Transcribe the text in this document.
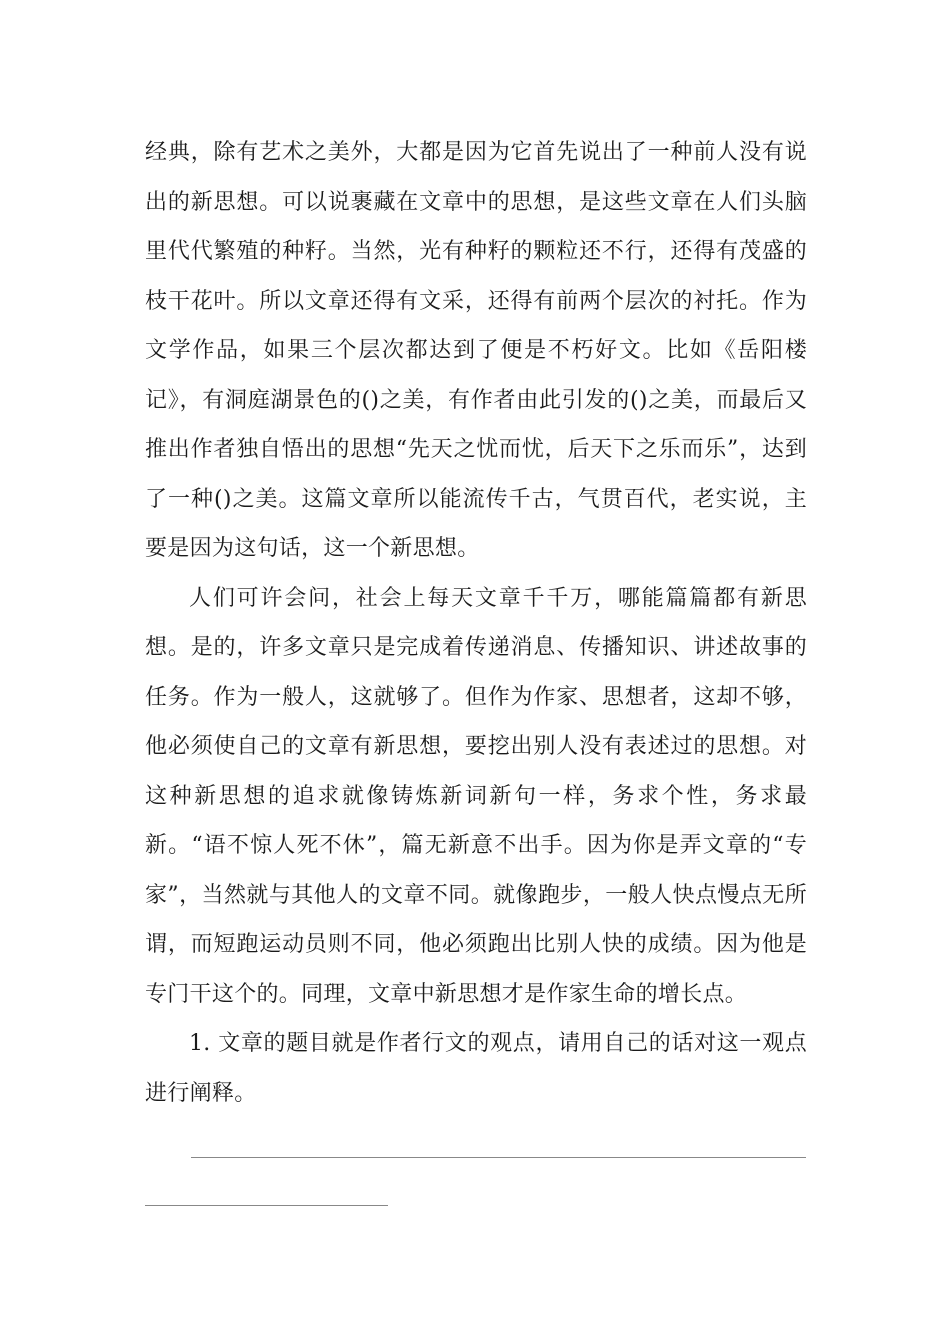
经典，除有艺术之美外，大都是因为它首先说出了一种前人没有说出的新思想。可以说裹藏在文章中的思想，是这些文章在人们头脑里代代繁殖的种籽。当然，光有种籽的颗粒还不行，还得有茂盛的枝干花叶。所以文章还得有文采，还得有前两个层次的衬托。作为文学作品，如果三个层次都达到了便是不朽好文。比如《岳阳楼记》，有洞庭湖景色的()之美，有作者由此引发的()之美，而最后又推出作者独自悟出的思想“先天之忧而忧，后天下之乐而乐”，达到了一种()之美。这篇文章所以能流传千古，气贯百代，老实说，主要是因为这句话，这一个新思想。

人们可许会问，社会上每天文章千千万，哪能篇篇都有新思想。是的，许多文章只是完成着传递消息、传播知识、讲述故事的任务。作为一般人，这就够了。但作为作家、思想者，这却不够，他必须使自己的文章有新思想，要挖出别人没有表述过的思想。对这种新思想的追求就像铸炼新词新句一样，务求个性，务求最新。“语不惊人死不休”，篇无新意不出手。因为你是弄文章的“专家”，当然就与其他人的文章不同。就像跑步，一般人快点慢点无所谓，而短跑运动员则不同，他必须跑出比别人快的成绩。因为他是专门干这个的。同理，文章中新思想才是作家生命的增长点。

1. 文章的题目就是作者行文的观点，请用自己的话对这一观点进行阐释。
